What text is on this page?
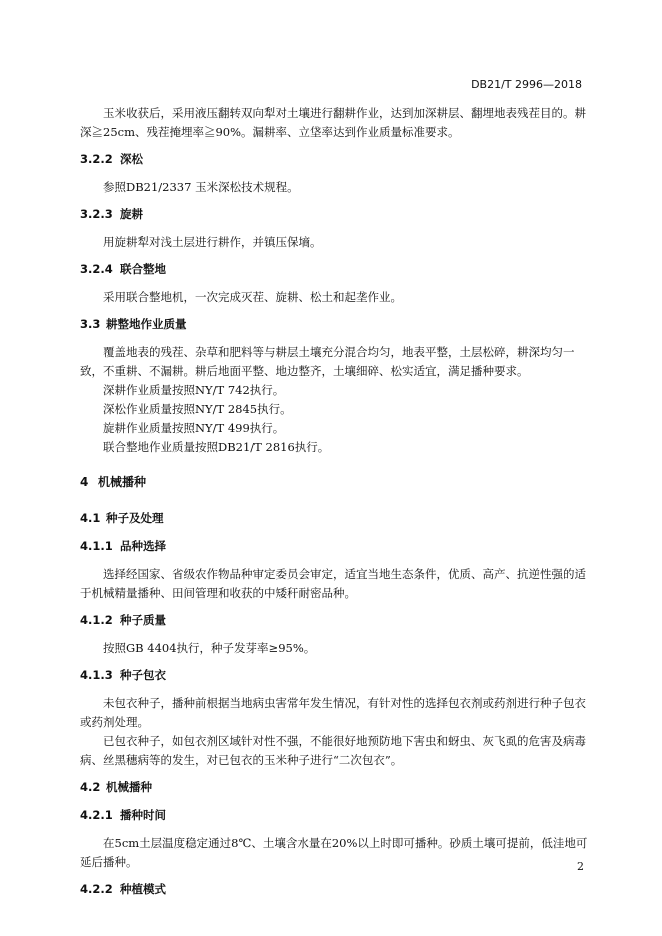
DB21/T 2996—2018

玉米收获后，采用液压翻转双向犁对土壤进行翻耕作业，达到加深耕层、翻埋地表残茬目的。耕深≧25cm、残茬掩埋率≧90%。漏耕率、立垡率达到作业质量标准要求。

3.2.2 深松

参照DB21/2337 玉米深松技术规程。

3.2.3 旋耕

用旋耕犁对浅土层进行耕作，并镇压保墒。

3.2.4 联合整地

采用联合整地机，一次完成灭茬、旋耕、松土和起垄作业。

3.3 耕整地作业质量

覆盖地表的残茬、杂草和肥料等与耕层土壤充分混合均匀，地表平整，土层松碎，耕深均匀一致，不重耕、不漏耕。耕后地面平整、地边整齐，土壤细碎、松实适宜，满足播种要求。

深耕作业质量按照NY/T 742执行。

深松作业质量按照NY/T 2845执行。

旋耕作业质量按照NY/T 499执行。

联合整地作业质量按照DB21/T 2816执行。

4 机械播种
4.1 种子及处理
4.1.1 品种选择

选择经国家、省级农作物品种审定委员会审定，适宜当地生态条件，优质、高产、抗逆性强的适于机械精量播种、田间管理和收获的中矮秆耐密品种。

4.1.2 种子质量

按照GB 4404执行，种子发芽率≥95%。

4.1.3 种子包衣

未包衣种子，播种前根据当地病虫害常年发生情况，有针对性的选择包衣剂或药剂进行种子包衣或药剂处理。

已包衣种子，如包衣剂区域针对性不强，不能很好地预防地下害虫和蚜虫、灰飞虱的危害及病毒病、丝黑穗病等的发生，对已包衣的玉米种子进行“二次包衣”。

4.2 机械播种
4.2.1 播种时间

在5cm土层温度稳定通过8℃、土壤含水量在20%以上时即可播种。砂质土壤可提前，低洼地可延后播种。

4.2.2 种植模式
2
